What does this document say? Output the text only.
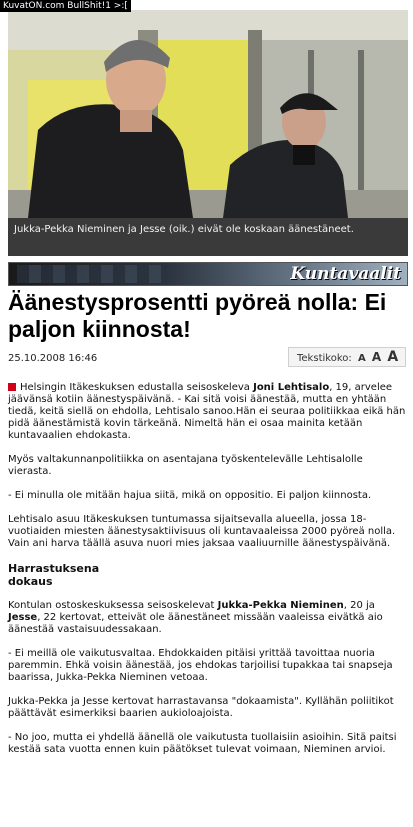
KuvatON.com BullShit!1 >:[
Jukka-Pekka Nieminen ja Jesse (oik.) eivät ole koskaan äänestäneet.
Kuntavaalit
Äänestysprosentti pyöreä nolla: Ei paljon kiinnosta!
25.10.2008 16:46	Tekstikoko: A A A

Helsingin Itäkeskuksen edustalla seisoskeleva Joni Lehtisalo, 19, arvelee jäävänsä kotiin äänestyspäivänä. - Kai sitä voisi äänestää, mutta en yhtään tiedä, keitä siellä on ehdolla, Lehtisalo sanoo.Hän ei seuraa politiikkaa eikä hän pidä äänestämistä kovin tärkeänä. Nimeltä hän ei osaa mainita ketään kuntavaalien ehdokasta.

Myös valtakunnanpolitiikka on asentajana työskentelevälle Lehtisalolle vierasta.

- Ei minulla ole mitään hajua siitä, mikä on oppositio. Ei paljon kiinnosta.

Lehtisalo asuu Itäkeskuksen tuntumassa sijaitsevalla alueella, jossa 18-vuotiaiden miesten äänestysaktiivisuus oli kuntavaaleissa 2000 pyöreä nolla. Vain ani harva täällä asuva nuori mies jaksaa vaaliuurnille äänestyspäivänä.

Harrastuksena
dokaus

Kontulan ostoskeskuksessa seisoskelevat Jukka-Pekka Nieminen, 20 ja Jesse, 22 kertovat, etteivät ole äänestäneet missään vaaleissa eivätkä aio äänestää vastaisuudessakaan.

- Ei meillä ole vaikutusvaltaa. Ehdokkaiden pitäisi yrittää tavoittaa nuoria paremmin. Ehkä voisin äänestää, jos ehdokas tarjoilisi tupakkaa tai snapseja baarissa, Jukka-Pekka Nieminen vetoaa.

Jukka-Pekka ja Jesse kertovat harrastavansa "dokaamista". Kyllähän poliitikot päättävät esimerkiksi baarien aukioloajoista.

- No joo, mutta ei yhdellä äänellä ole vaikutusta tuollaisiin asioihin. Sitä paitsi kestää sata vuotta ennen kuin päätökset tulevat voimaan, Nieminen arvioi.
